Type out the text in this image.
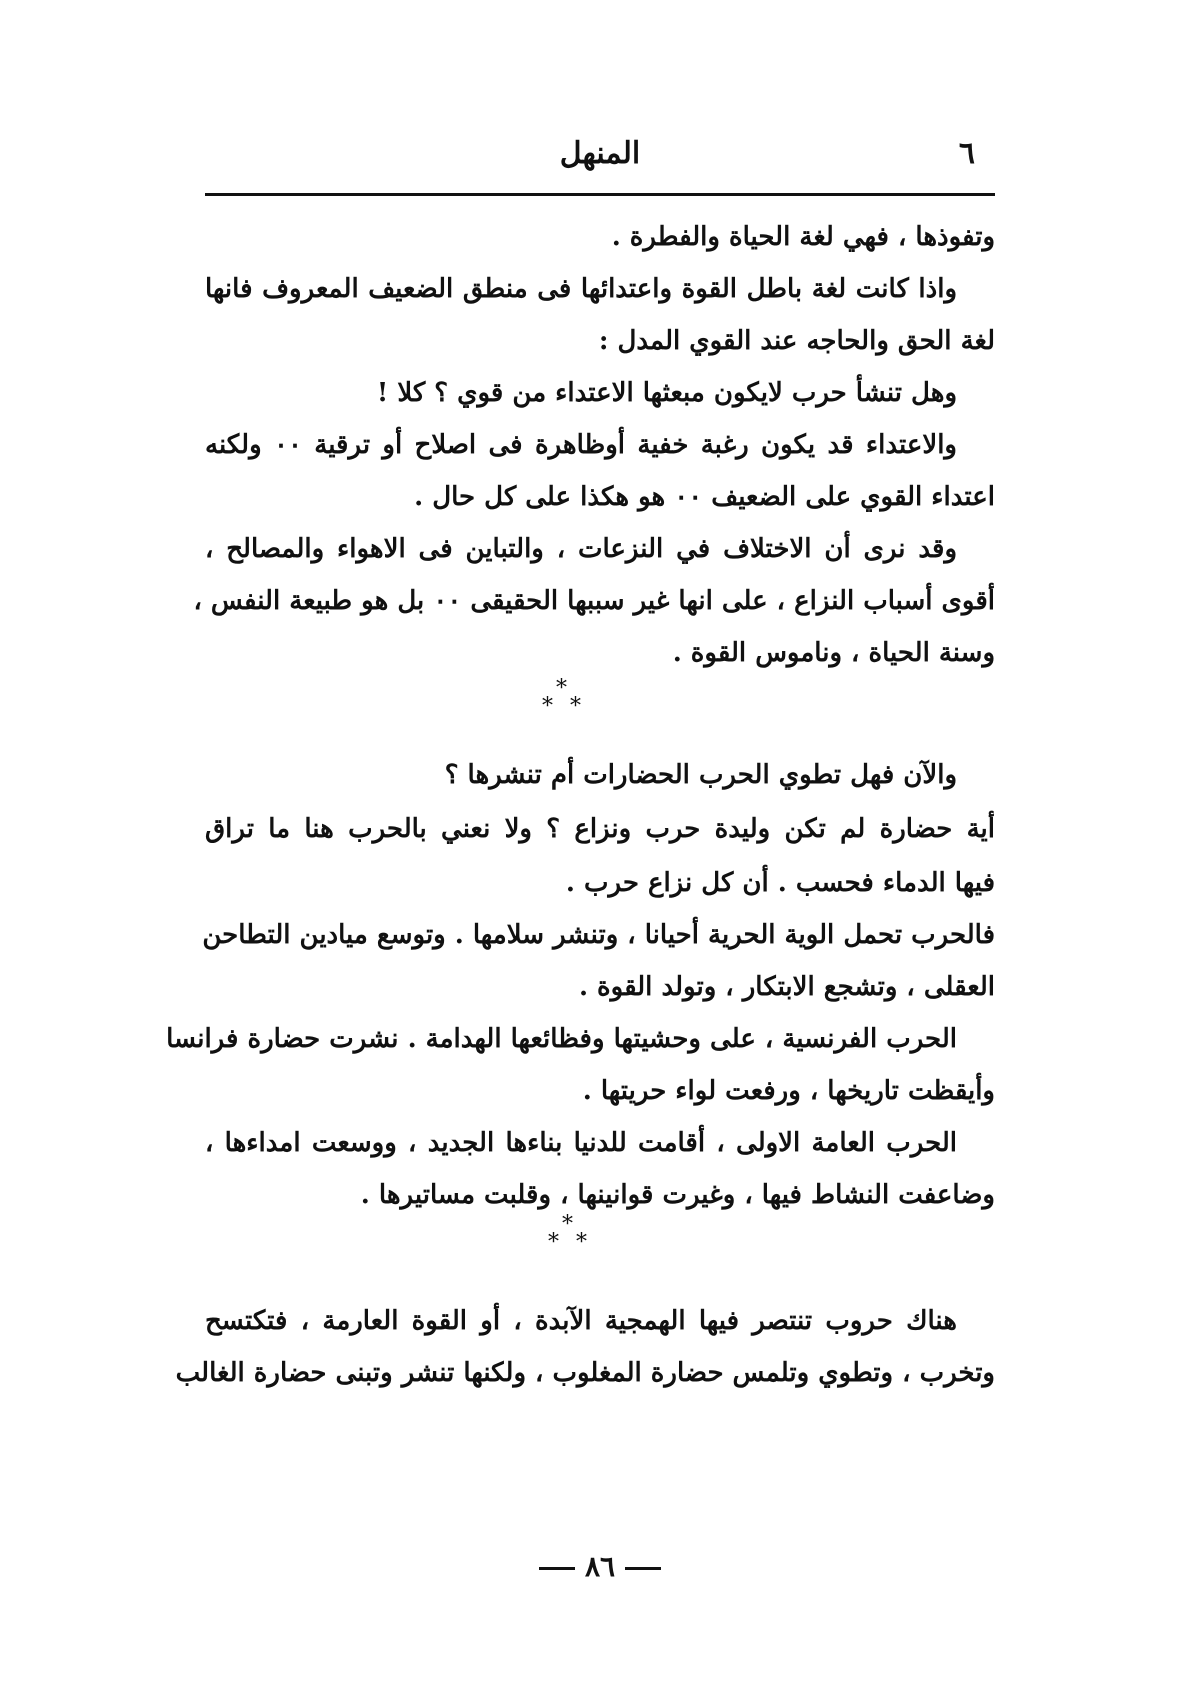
٦
المنهل
وتفوذها ، فهي لغة الحياة والفطرة .
واذا كانت لغة باطل القوة واعتدائها فى منطق الضعيف المعروف فانها
لغة الحق والحاجه عند القوي المدل :
وهل تنشأ حرب لايكون مبعثها الاعتداء من قوي ؟ كلا !
والاعتداء قد يكون رغبة خفية أوظاهرة فى اصلاح أو ترقية ٠٠ ولكنه
اعتداء القوي على الضعيف ٠٠ هو هكذا على كل حال .
وقد نرى أن الاختلاف في النزعات ، والتباين فى الاهواء والمصالح ،
أقوى أسباب النزاع ، على انها غير سببها الحقيقى ٠٠ بل هو طبيعة النفس ،
وسنة الحياة ، وناموس القوة .
والآن فهل تطوي الحرب الحضارات أم تنشرها ؟
أية حضارة لم تكن وليدة حرب ونزاع ؟ ولا نعني بالحرب هنا ما تراق
فيها الدماء فحسب . أن كل نزاع حرب .
فالحرب تحمل الوية الحرية أحيانا ، وتنشر سلامها . وتوسع ميادين التطاحن
العقلى ، وتشجع الابتكار ، وتولد القوة .
الحرب الفرنسية ، على وحشيتها وفظائعها الهدامة . نشرت حضارة فرانسا
وأيقظت تاريخها ، ورفعت لواء حريتها .
الحرب العامة الاولى ، أقامت للدنيا بناءها الجديد ، ووسعت امداءها ،
وضاعفت النشاط فيها ، وغيرت قوانينها ، وقلبت مساتيرها .
هناك حروب تنتصر فيها الهمجية الآبدة ، أو القوة العارمة ، فتكتسح
وتخرب ، وتطوي وتلمس حضارة المغلوب ، ولكنها تنشر وتبنى حضارة الغالب
*
* *
*
* *
٨٦
